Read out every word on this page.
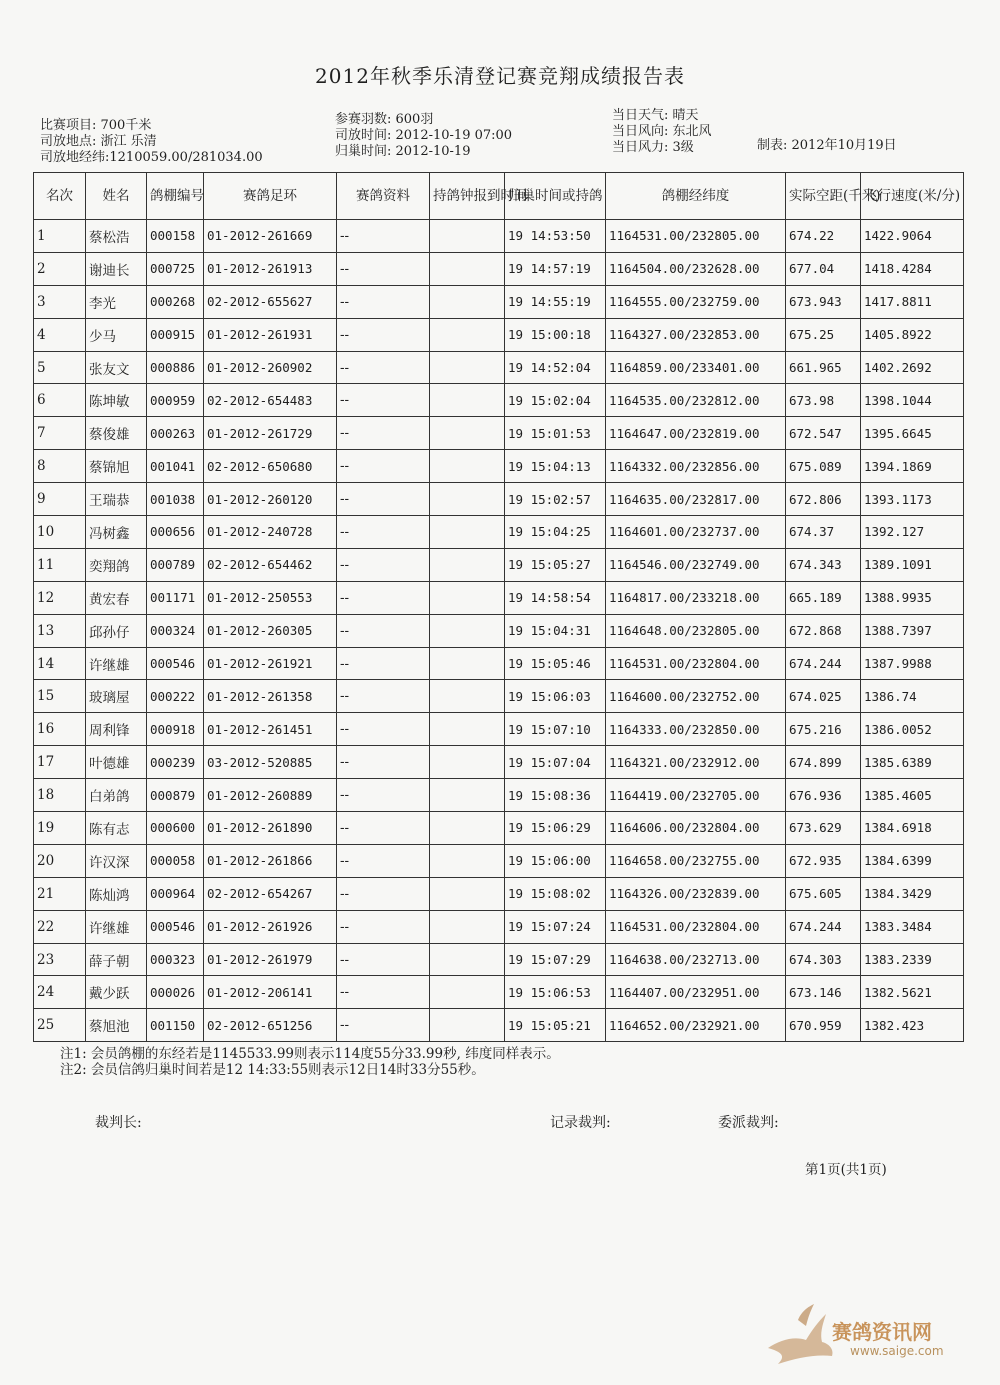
2012年秋季乐清登记赛竞翔成绩报告表
比赛项目: 700千米
司放地点: 浙江 乐清
司放地经纬:1210059.00/281034.00
参赛羽数: 600羽
司放时间: 2012-10-19 07:00
归巢时间: 2012-10-19
当日天气: 晴天
当日风向: 东北风
当日风力: 3级	制表: 2012年10月19日
名次	姓名	鸽棚编号	赛鸽足环	赛鸽资料	持鸽钟报到时间	归巢时间或持鸽	鸽棚经纬度	实际空距(千米)	飞行速度(米/分)
1	蔡松浩	000158	01-2012-261669	--		19 14:53:50	1164531.00/232805.00	674.22	1422.9064
2	谢迪长	000725	01-2012-261913	--		19 14:57:19	1164504.00/232628.00	677.04	1418.4284
3	李光	000268	02-2012-655627	--		19 14:55:19	1164555.00/232759.00	673.943	1417.8811
4	少马	000915	01-2012-261931	--		19 15:00:18	1164327.00/232853.00	675.25	1405.8922
5	张友文	000886	01-2012-260902	--		19 14:52:04	1164859.00/233401.00	661.965	1402.2692
6	陈坤敏	000959	02-2012-654483	--		19 15:02:04	1164535.00/232812.00	673.98	1398.1044
7	蔡俊雄	000263	01-2012-261729	--		19 15:01:53	1164647.00/232819.00	672.547	1395.6645
8	蔡锦旭	001041	02-2012-650680	--		19 15:04:13	1164332.00/232856.00	675.089	1394.1869
9	王瑞恭	001038	01-2012-260120	--		19 15:02:57	1164635.00/232817.00	672.806	1393.1173
10	冯树鑫	000656	01-2012-240728	--		19 15:04:25	1164601.00/232737.00	674.37	1392.127
11	奕翔鸽	000789	02-2012-654462	--		19 15:05:27	1164546.00/232749.00	674.343	1389.1091
12	黄宏春	001171	01-2012-250553	--		19 14:58:54	1164817.00/233218.00	665.189	1388.9935
13	邱孙仔	000324	01-2012-260305	--		19 15:04:31	1164648.00/232805.00	672.868	1388.7397
14	许继雄	000546	01-2012-261921	--		19 15:05:46	1164531.00/232804.00	674.244	1387.9988
15	玻璃屋	000222	01-2012-261358	--		19 15:06:03	1164600.00/232752.00	674.025	1386.74
16	周利锋	000918	01-2012-261451	--		19 15:07:10	1164333.00/232850.00	675.216	1386.0052
17	叶德雄	000239	03-2012-520885	--		19 15:07:04	1164321.00/232912.00	674.899	1385.6389
18	白弟鸽	000879	01-2012-260889	--		19 15:08:36	1164419.00/232705.00	676.936	1385.4605
19	陈有志	000600	01-2012-261890	--		19 15:06:29	1164606.00/232804.00	673.629	1384.6918
20	许汉深	000058	01-2012-261866	--		19 15:06:00	1164658.00/232755.00	672.935	1384.6399
21	陈灿鸿	000964	02-2012-654267	--		19 15:08:02	1164326.00/232839.00	675.605	1384.3429
22	许继雄	000546	01-2012-261926	--		19 15:07:24	1164531.00/232804.00	674.244	1383.3484
23	薛子朝	000323	01-2012-261979	--		19 15:07:29	1164638.00/232713.00	674.303	1383.2339
24	戴少跃	000026	01-2012-206141	--		19 15:06:53	1164407.00/232951.00	673.146	1382.5621
25	蔡旭池	001150	02-2012-651256	--		19 15:05:21	1164652.00/232921.00	670.959	1382.423
注1: 会员鸽棚的东经若是1145533.99则表示114度55分33.99秒, 纬度同样表示。
注2: 会员信鸽归巢时间若是12 14:33:55则表示12日14时33分55秒。
裁判长:	记录裁判:	委派裁判:
第1页(共1页)
赛鸽资讯网
www.saige.com
